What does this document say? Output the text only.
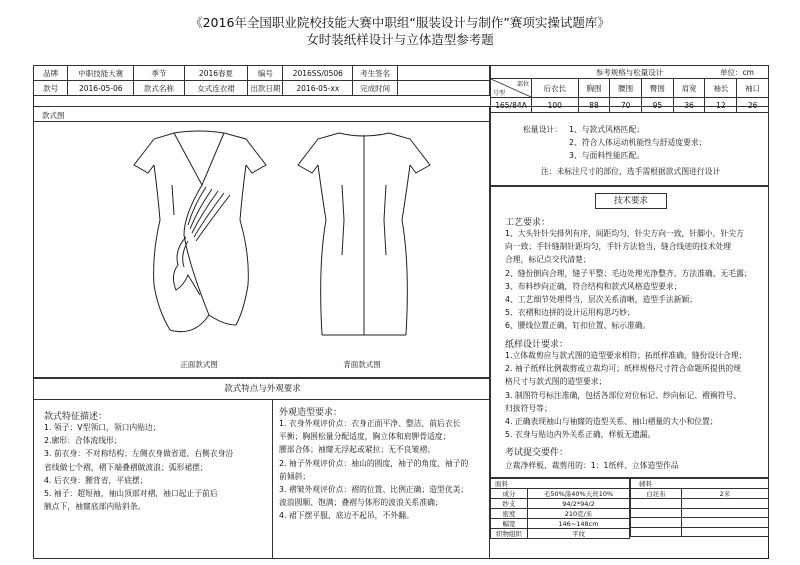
《2016年全国职业院校技能大赛中职组“服装设计与制作”赛项实操试题库》
女时装纸样设计与立体造型参考题
品牌	中职技能大赛	季节	2016春夏	编号	2016SS/0506	考生签名	
款号	2016-05-06	款式名称	女式连衣裙	出款日期	2016-05-xx	完成时间	
参考规格与松量设计 单位：cm							

部位
号型	后衣长	胸围	腰围	臀围	肩宽	袖长	袖口
165/84A	100	88	70	95	36	12	26
款式图
正面款式图	背面款式图
松量设计： 1、与款式风格匹配；
2、符合人体运动机能性与舒适度要求；
3、与面料性能匹配。
注：未标注尺寸的部位，选手需根据款式图进行设计
技术要求
工艺要求：
1、大头针针尖排列有序，间距均匀，针尖方向一致，针脚小，针尖方
向一致；手针缝制针距均匀，手针方法恰当，缝合线迹的技术处理
合理，标记点交代清楚；
2、缝份倒向合理，缝子平整；毛边处理光净整齐、方法准确、无毛露；
3、布料纱向正确，符合结构和款式风格造型要求；
4、工艺细节处理得当，层次关系清晰，造型手法新颖；
5、衣褶和边拼的设计运用构思巧妙；
6、腰线位置正确，钉扣位置、标示准确。
纸样设计要求：
1.立体裁剪应与款式图的造型要求相符；拓纸样准确，缝份设计合理；
2. 袖子纸样比例裁剪或立裁均可；纸样规格尺寸符合命题所提供的规
格尺寸与款式图的造型要求；
3. 制图符号标注准确，包括各部位对位标记、纱向标记、褶裥符号、
归拔符号等；
4. 正确表现袖山与袖窿的造型关系、袖山褶量的大小和位置；
5. 衣身与贴边内外关系正确，样板无遗漏。
考试提交要件：
立裁净样板、裁剪用的：1：1纸样、立体造型作品
款式特点与外观要求
款式特征描述：
1. 领子：V型领口，领口内贴边；
2.廓形：合体流线形；
3. 前衣身：不对称结构；左侧衣身做省道，右侧衣身沿
省线做七个褶，褶下端叠褶做波浪；弧形裙摆；
4. 后衣身：腰背省，平底摆；
5. 袖子：超短袖，袖山顶部对褶，袖口起止于前后
腋点下，袖窿底部内贴斜条。
外观造型要求：
1. 衣身外观评价点：衣身正面平净、整洁，前后衣长
平衡；胸围松量分配适度，胸立体和肩胛骨适度；
腰部合体；袖窿无浮起或紧拉；无不良皱褶；
2. 袖子外观评价点：袖山的圆度，袖子的角度，袖子的
前倾斜；
3. 褶皱外观评价点：褶的位置、比例正确；造型优美；
波浪圆顺、饱满；叠褶与体形的波浪关系准确；
4. 裙下摆平服、底边不起吊，不外翻。
面料	
成分	毛50%涤40%天丝10%
纱支	94/2*94/2
密度	210克/米
幅宽	146~148cm
织物组织	平纹
辅料	
白坯布	2米
